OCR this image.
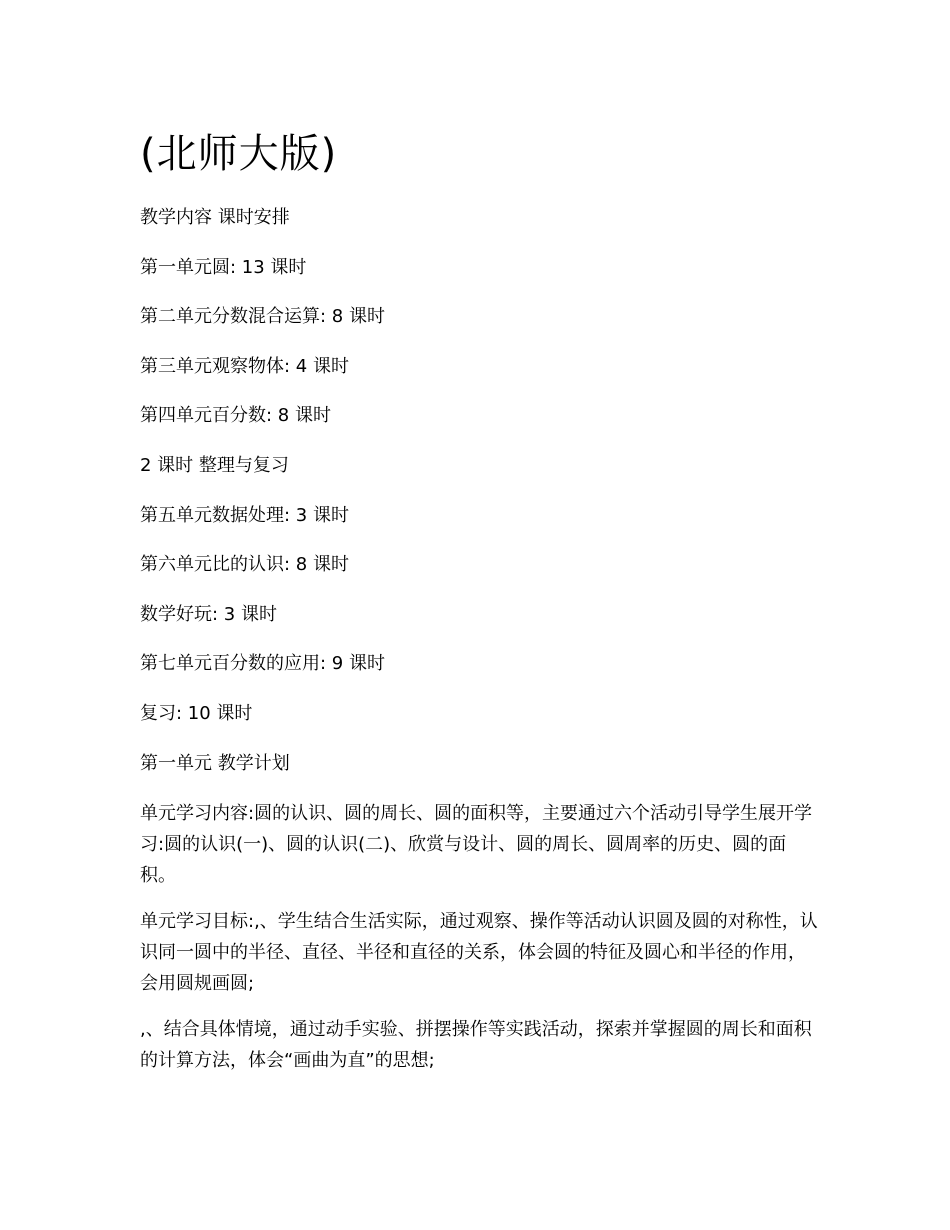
(北师大版)

教学内容 课时安排

第一单元圆: 13 课时

第二单元分数混合运算: 8 课时

第三单元观察物体: 4 课时

第四单元百分数: 8 课时

2 课时 整理与复习

第五单元数据处理: 3 课时

第六单元比的认识: 8 课时

数学好玩: 3 课时

第七单元百分数的应用: 9 课时

复习: 10 课时

第一单元 教学计划

单元学习内容:圆的认识、圆的周长、圆的面积等，主要通过六个活动引导学生展开学习:圆的认识(一)、圆的认识(二)、欣赏与设计、圆的周长、圆周率的历史、圆的面积。

单元学习目标:,、学生结合生活实际，通过观察、操作等活动认识圆及圆的对称性，认识同一圆中的半径、直径、半径和直径的关系，体会圆的特征及圆心和半径的作用，会用圆规画圆;

,、结合具体情境，通过动手实验、拼摆操作等实践活动，探索并掌握圆的周长和面积的计算方法，体会“画曲为直”的思想;
